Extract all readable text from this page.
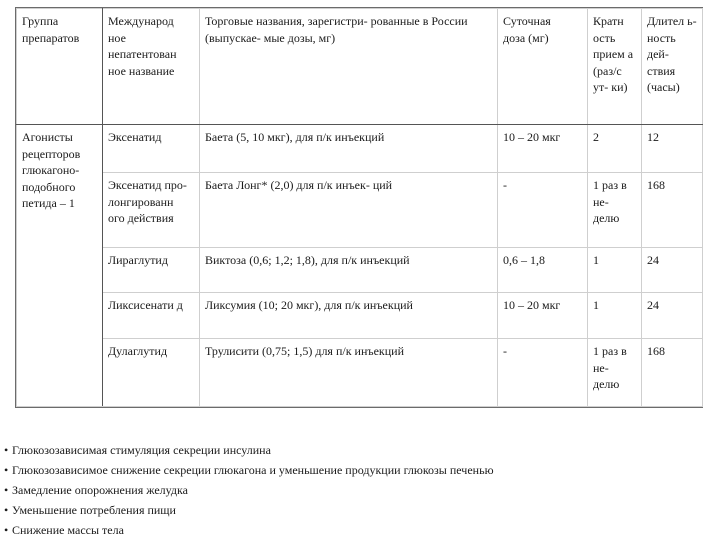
Группа препаратов	Международ ное непатентован ное название	Торговые названия, зарегистри- рованные в России (выпускае- мые дозы, мг)	Суточная доза (мг)	Кратн ость прием а (раз/с ут- ки)	Длител ь- ность дей- ствия (часы)

Агонисты рецепторов глюкагоно- подобного петида – 1	Эксенатид	Баета (5, 10 мкг), для п/к инъекций	10 – 20 мкг	2	12

	Эксенатид про- лонгированн ого действия	Баета Лонг* (2,0) для п/к инъек- ций	-	1 раз в не- делю	168
	Лираглутид	Виктоза (0,6; 1,2; 1,8), для п/к инъекций	0,6 – 1,8	1	24

	Ликсисенати д	Ликсумия (10; 20 мкг), для п/к инъекций	10 – 20 мкг	1	24
	Дулаглутид	Трулисити (0,75; 1,5) для п/к инъекций	-	1 раз в не- делю	168
• Глюкозозависимая стимуляция секреции инсулина
• Глюкозозависимое снижение секреции глюкагона и уменьшение продукции глюкозы печенью
• Замедление опорожнения желудка
• Уменьшение потребления пищи
• Снижение массы тела
